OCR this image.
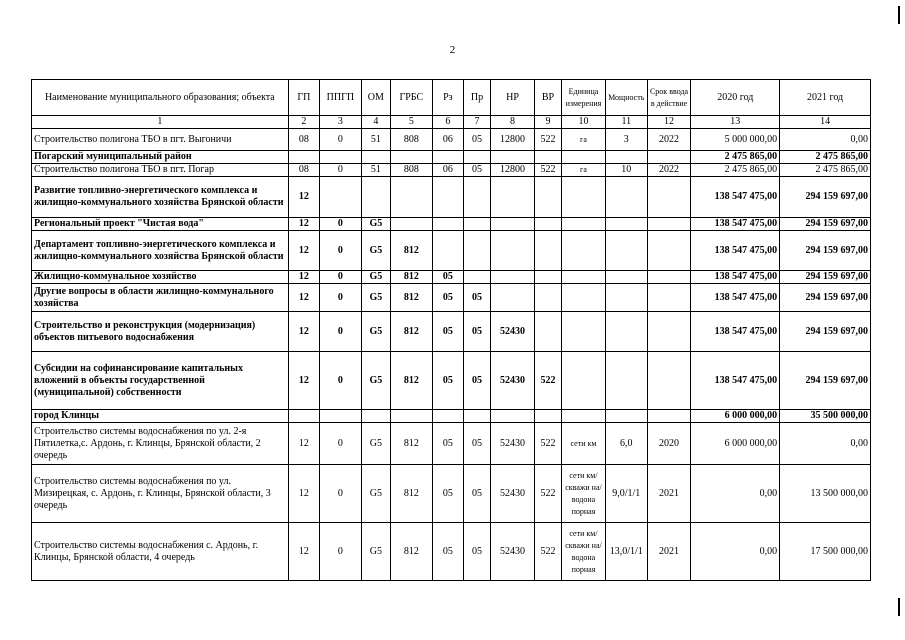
2
Наименование муниципального образования; объекта	ГП	ППГП	ОМ	ГРБС	Рз	Пр	НР	ВР	Единица измерения	Мощность	Срок ввода в действие	2020 год	2021 год
1	2	3	4	5	6	7	8	9	10	11	12	13	14
Строительство полигона ТБО в пгт. Выгоничи	08	0	51	808	06	05	12800	522	га	3	2022	5 000 000,00	0,00
Погарский муниципальный район												2 475 865,00	2 475 865,00
Строительство полигона ТБО в пгт. Погар	08	0	51	808	06	05	12800	522	га	10	2022	2 475 865,00	2 475 865,00
Развитие топливно-энергетического комплекса и жилищно-коммунального хозяйства Брянской области	12											138 547 475,00	294 159 697,00
Региональный проект "Чистая вода"	12	0	G5									138 547 475,00	294 159 697,00
Департамент топливно-энергетического комплекса и жилищно-коммунального хозяйства Брянской области	12	0	G5	812								138 547 475,00	294 159 697,00
Жилищно-коммунальное хозяйство	12	0	G5	812	05							138 547 475,00	294 159 697,00
Другие вопросы в области жилищно-коммунального хозяйства	12	0	G5	812	05	05						138 547 475,00	294 159 697,00
Строительство и реконструкция (модернизация) объектов питьевого водоснабжения	12	0	G5	812	05	05	52430					138 547 475,00	294 159 697,00
Субсидии на софинансирование капитальных вложений в объекты государственной (муниципальной) собственности	12	0	G5	812	05	05	52430	522				138 547 475,00	294 159 697,00
город Клинцы												6 000 000,00	35 500 000,00
Строительство системы водоснабжения по ул. 2-я Пятилетка,с. Ардонь, г. Клинцы, Брянской области, 2 очередь	12	0	G5	812	05	05	52430	522	сети км	6,0	2020	6 000 000,00	0,00
Строительство системы водоснабжения по ул. Мизирецкая, с. Ардонь, г. Клинцы, Брянской области, 3 очередь	12	0	G5	812	05	05	52430	522	сети км/скважи на/водона порная	9,0/1/1	2021	0,00	13 500 000,00
Строительство системы водоснабжения с. Ардонь, г. Клинцы, Брянской области, 4 очередь	12	0	G5	812	05	05	52430	522	сети км/скважи на/водона порная	13,0/1/1	2021	0,00	17 500 000,00
